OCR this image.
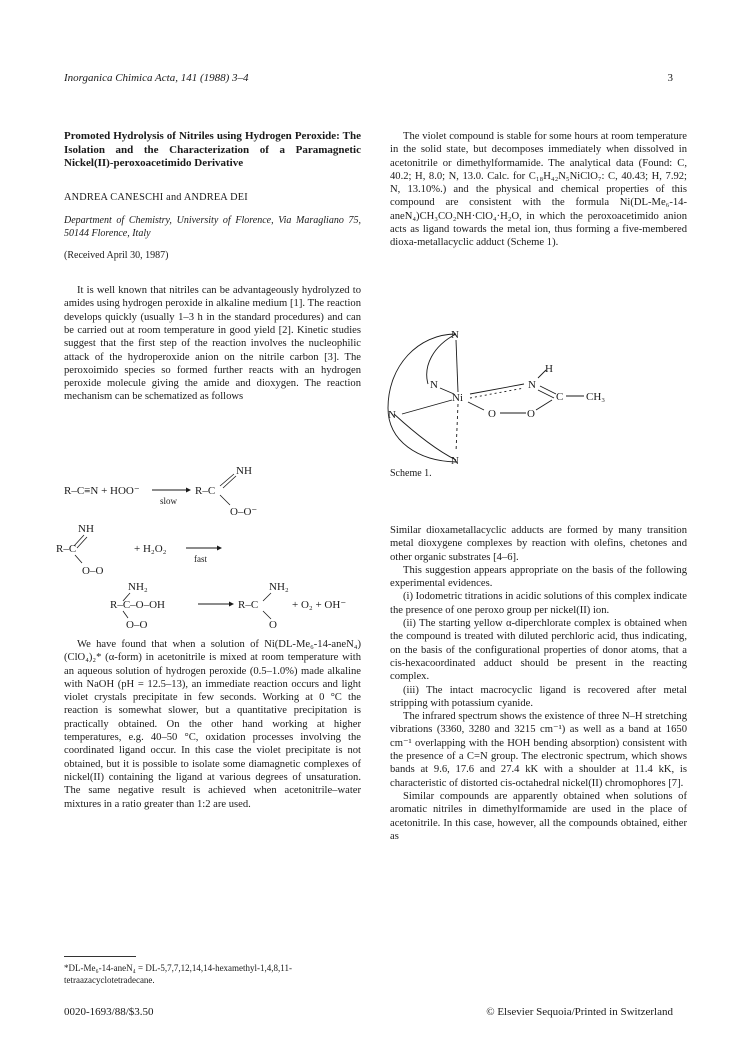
Inorganica Chimica Acta, 141 (1988) 3–4	3
Promoted Hydrolysis of Nitriles using Hydrogen Peroxide: The Isolation and the Characterization of a Paramagnetic Nickel(II)-peroxoacetimido Derivative
ANDREA CANESCHI and ANDREA DEI
Department of Chemistry, University of Florence, Via Maragliano 75, 50144 Florence, Italy
(Received April 30, 1987)

It is well known that nitriles can be advantageously hydrolyzed to amides using hydrogen peroxide in alkaline medium [1]. The reaction develops quickly (usually 1–3 h in the standard procedures) and can be carried out at room temperature in good yield [2]. Kinetic studies suggest that the first step of the reaction involves the nucleophilic attack of the hydroperoxide anion on the nitrile carbon [3]. The peroxoimido species so formed further reacts with an hydrogen peroxide molecule giving the amide and dioxygen. The reaction mechanism can be schematized as follows

R–C≡N + HOO⁻
slow
R–C
NH
O–O⁻
NH
R–C
O–O
+ H₂O₂
fast
NH₂
R–C–O–OH
O–O
R–C
NH₂
O
+ O₂ + OH⁻

We have found that when a solution of Ni(DL-Me₆-14-aneN₄)(ClO₄)₂* (α-form) in acetonitrile is mixed at room temperature with an aqueous solution of hydrogen peroxide (0.5–1.0%) made alkaline with NaOH (pH = 12.5–13), an immediate reaction occurs and light violet crystals precipitate in few seconds. Working at 0 °C the reaction is somewhat slower, but a quantitative precipitation is practically obtained. On the other hand working at higher temperatures, e.g. 40–50 °C, oxidation processes involving the coordinated ligand occur. In this case the violet precipitate is not obtained, but it is possible to isolate some diamagnetic complexes of nickel(II) containing the ligand at various degrees of unsaturation. The same negative result is achieved when acetonitrile–water mixtures in a ratio greater than 1:2 are used.

*DL-Me₆-14-aneN₄ = DL-5,7,7,12,14,14-hexamethyl-1,4,8,11-tetraazacyclotetradecane.

The violet compound is stable for some hours at room temperature in the solid state, but decomposes immediately when dissolved in acetonitrile or dimethylformamide. The analytical data (Found: C, 40.2; H, 8.0; N, 13.0. Calc. for C₁₈H₄₂N₅NiClO₇: C, 40.43; H, 7.92; N, 13.10%.) and the physical and chemical properties of this compound are consistent with the formula Ni(DL-Me₆-14-aneN₄)CH₃CO₂NH·ClO₄·H₂O, in which the peroxoacetimido anion acts as ligand towards the metal ion, thus forming a five-membered dioxa-metallacyclic adduct (Scheme 1).

N
N
N
N
Ni
N
H
C CH₃
O	O
Scheme 1.

Similar dioxametallacyclic adducts are formed by many transition metal dioxygene complexes by reaction with olefins, chetones and other organic substrates [4–6].

This suggestion appears appropriate on the basis of the following experimental evidences.

(i) Iodometric titrations in acidic solutions of this complex indicate the presence of one peroxo group per nickel(II) ion.

(ii) The starting yellow α-diperchlorate complex is obtained when the compound is treated with diluted perchloric acid, thus indicating, on the basis of the configurational properties of donor atoms, that a cis-hexacoordinated adduct should be present in the reacting complex.

(iii) The intact macrocyclic ligand is recovered after metal stripping with potassium cyanide.

The infrared spectrum shows the existence of three N–H stretching vibrations (3360, 3280 and 3215 cm⁻¹) as well as a band at 1650 cm⁻¹ overlapping with the HOH bending absorption) consistent with the presence of a C=N group. The electronic spectrum, which shows bands at 9.6, 17.6 and 27.4 kK with a shoulder at 11.4 kK, is characteristic of distorted cis-octahedral nickel(II) chromophores [7].

Similar compounds are apparently obtained when solutions of aromatic nitriles in dimethylformamide are used in the place of acetonitrile. In this case, however, all the compounds obtained, either as

0020-1693/88/$3.50	© Elsevier Sequoia/Printed in Switzerland
